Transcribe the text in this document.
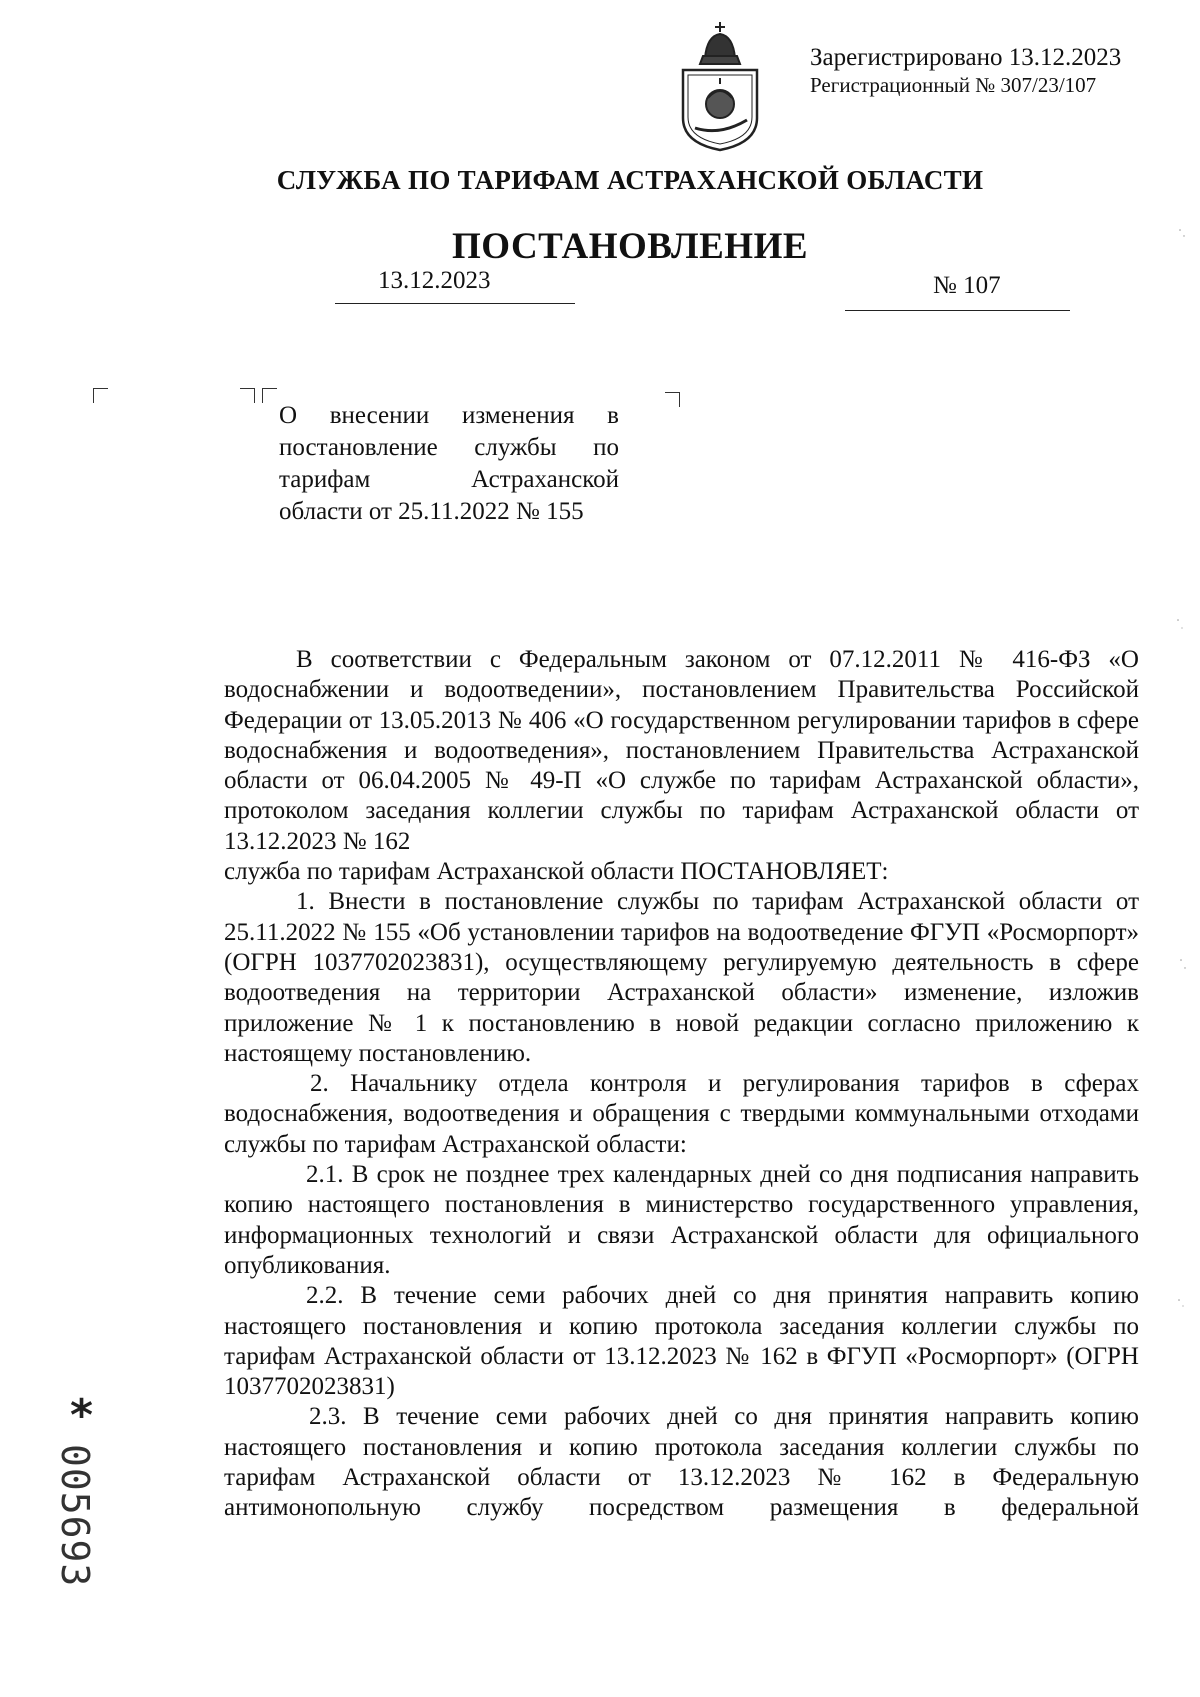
Зарегистрировано 13.12.2023
Регистрационный № 307/23/107
СЛУЖБА ПО ТАРИФАМ АСТРАХАНСКОЙ ОБЛАСТИ
ПОСТАНОВЛЕНИЕ
13.12.2023	№ 107
О внесении изменения в
постановление службы по
тарифам Астраханской
области от 25.11.2022 № 155
В соответствии с Федеральным законом от 07.12.2011 № 416-ФЗ «О водоснабжении и водоотведении», постановлением Правительства Российской Федерации от 13.05.2013 № 406 «О государственном регулировании тарифов в сфере водоснабжения и водоотведения», постановлением Правительства Астраханской области от 06.04.2005 № 49-П «О службе по тарифам Астраханской области», протоколом заседания коллегии службы по тарифам Астраханской области от
13.12.2023 № 162
служба по тарифам Астраханской области ПОСТАНОВЛЯЕТ:
1. Внести в постановление службы по тарифам Астраханской области от 25.11.2022 № 155 «Об установлении тарифов на водоотведение ФГУП «Росморпорт» (ОГРН 1037702023831), осуществляющему регулируемую деятельность в сфере водоотведения на территории Астраханской области» изменение, изложив приложение № 1 к постановлению в новой редакции согласно приложению к настоящему постановлению.
2. Начальнику отдела контроля и регулирования тарифов в сферах водоснабжения, водоотведения и обращения с твердыми коммунальными отходами службы по тарифам Астраханской области:
2.1. В срок не позднее трех календарных дней со дня подписания направить копию настоящего постановления в министерство государственного управления, информационных технологий и связи Астраханской области для официального опубликования.
2.2. В течение семи рабочих дней со дня принятия направить копию настоящего постановления и копию протокола заседания коллегии службы по тарифам Астраханской области от 13.12.2023 № 162 в ФГУП «Росморпорт» (ОГРН 1037702023831)
2.3. В течение семи рабочих дней со дня принятия направить копию настоящего постановления и копию протокола заседания коллегии службы по тарифам Астраханской области от 13.12.2023 № 162 в Федеральную антимонопольную службу посредством размещения в федеральной
*
005693
